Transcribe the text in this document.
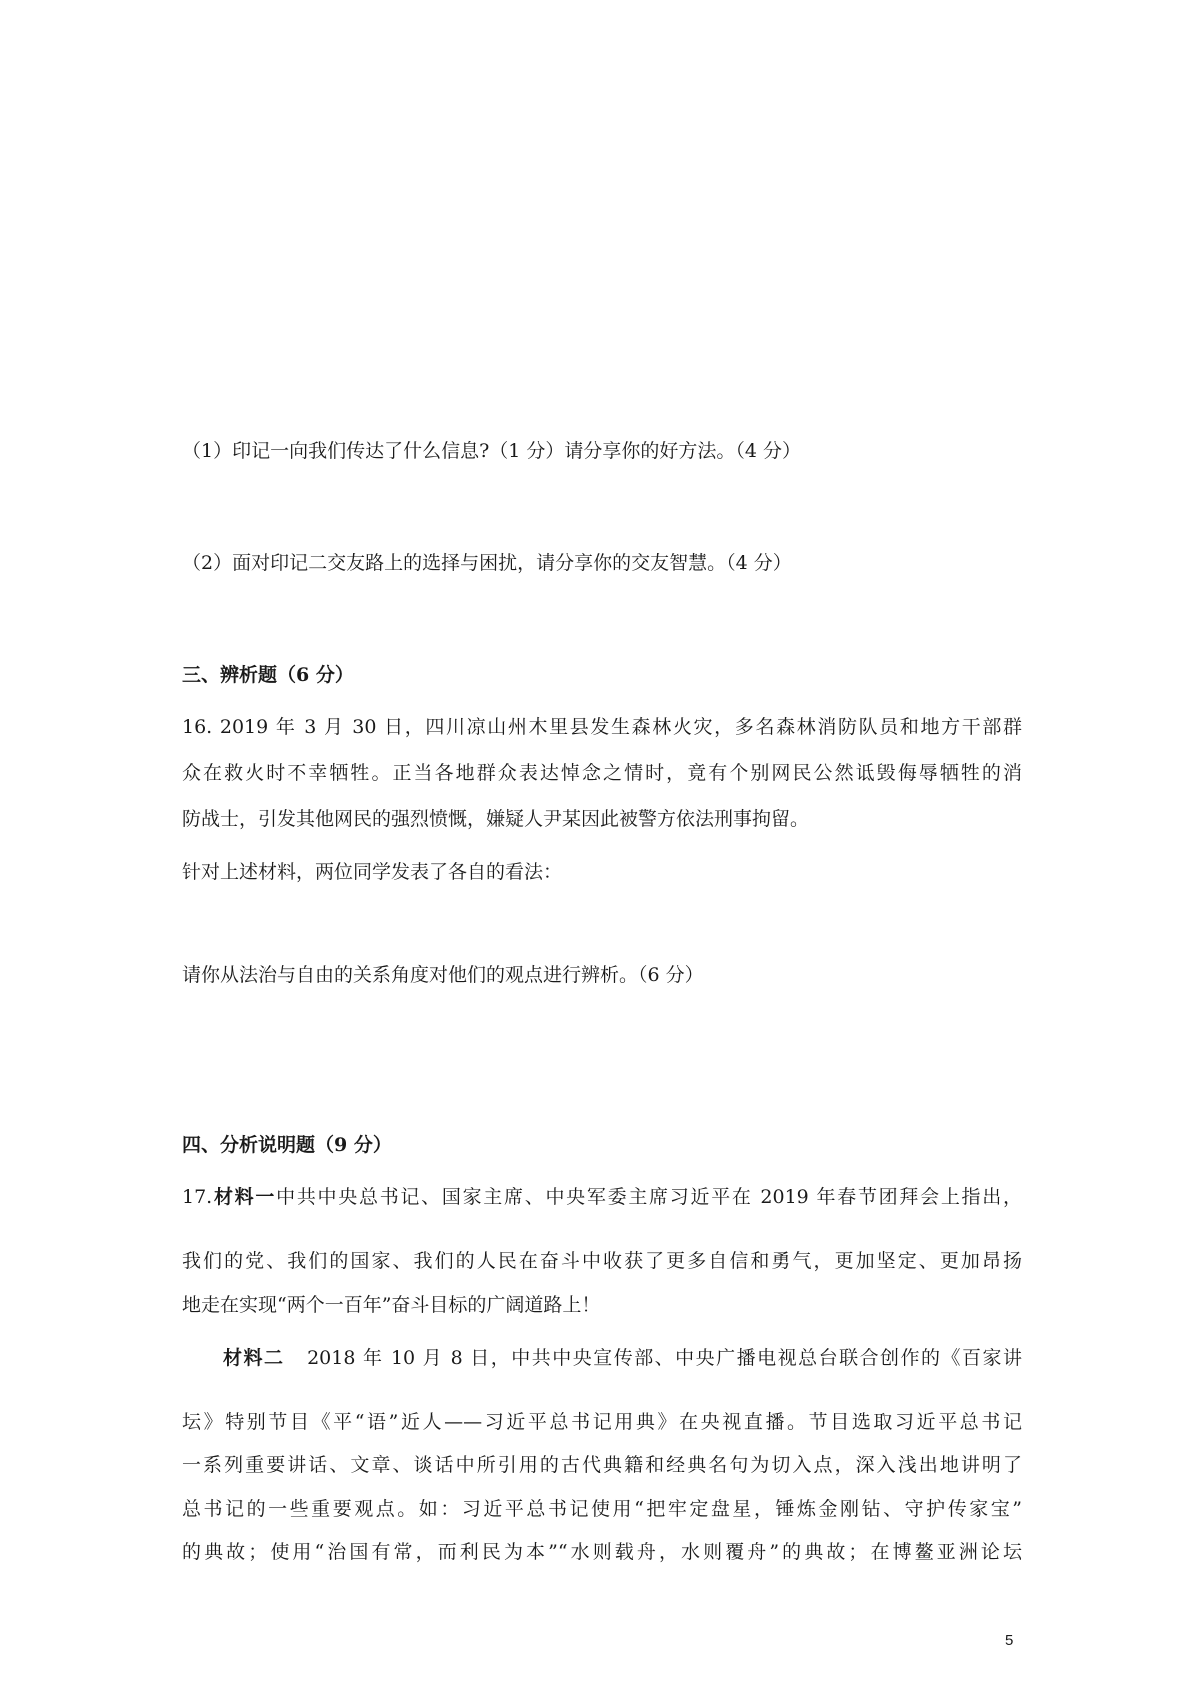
（1）印记一向我们传达了什么信息?（1 分）请分享你的好方法。（4 分）
（2）面对印记二交友路上的选择与困扰，请分享你的交友智慧。（4 分）
三、辨析题（6 分）
16. 2019 年 3 月 30 日，四川凉山州木里县发生森林火灾，多名森林消防队员和地方干部群
众在救火时不幸牺牲。正当各地群众表达悼念之情时，竟有个别网民公然诋毁侮辱牺牲的消
防战士，引发其他网民的强烈愤慨，嫌疑人尹某因此被警方依法刑事拘留。
针对上述材料，两位同学发表了各自的看法：
请你从法治与自由的关系角度对他们的观点进行辨析。（6 分）
四、分析说明题（9 分）
17.材料一中共中央总书记、国家主席、中央军委主席习近平在 2019 年春节团拜会上指出，
我们的党、我们的国家、我们的人民在奋斗中收获了更多自信和勇气，更加坚定、更加昂扬
地走在实现“两个一百年”奋斗目标的广阔道路上！
材料二 2018 年 10 月 8 日，中共中央宣传部、中央广播电视总台联合创作的《百家讲
坛》特别节目《平“语”近人——习近平总书记用典》在央视直播。节目选取习近平总书记
一系列重要讲话、文章、谈话中所引用的古代典籍和经典名句为切入点，深入浅出地讲明了
总书记的一些重要观点。如：习近平总书记使用“把牢定盘星，锤炼金刚钻、守护传家宝”
的典故；使用“治国有常，而利民为本”“水则载舟，水则覆舟”的典故；在博鳌亚洲论坛
5
